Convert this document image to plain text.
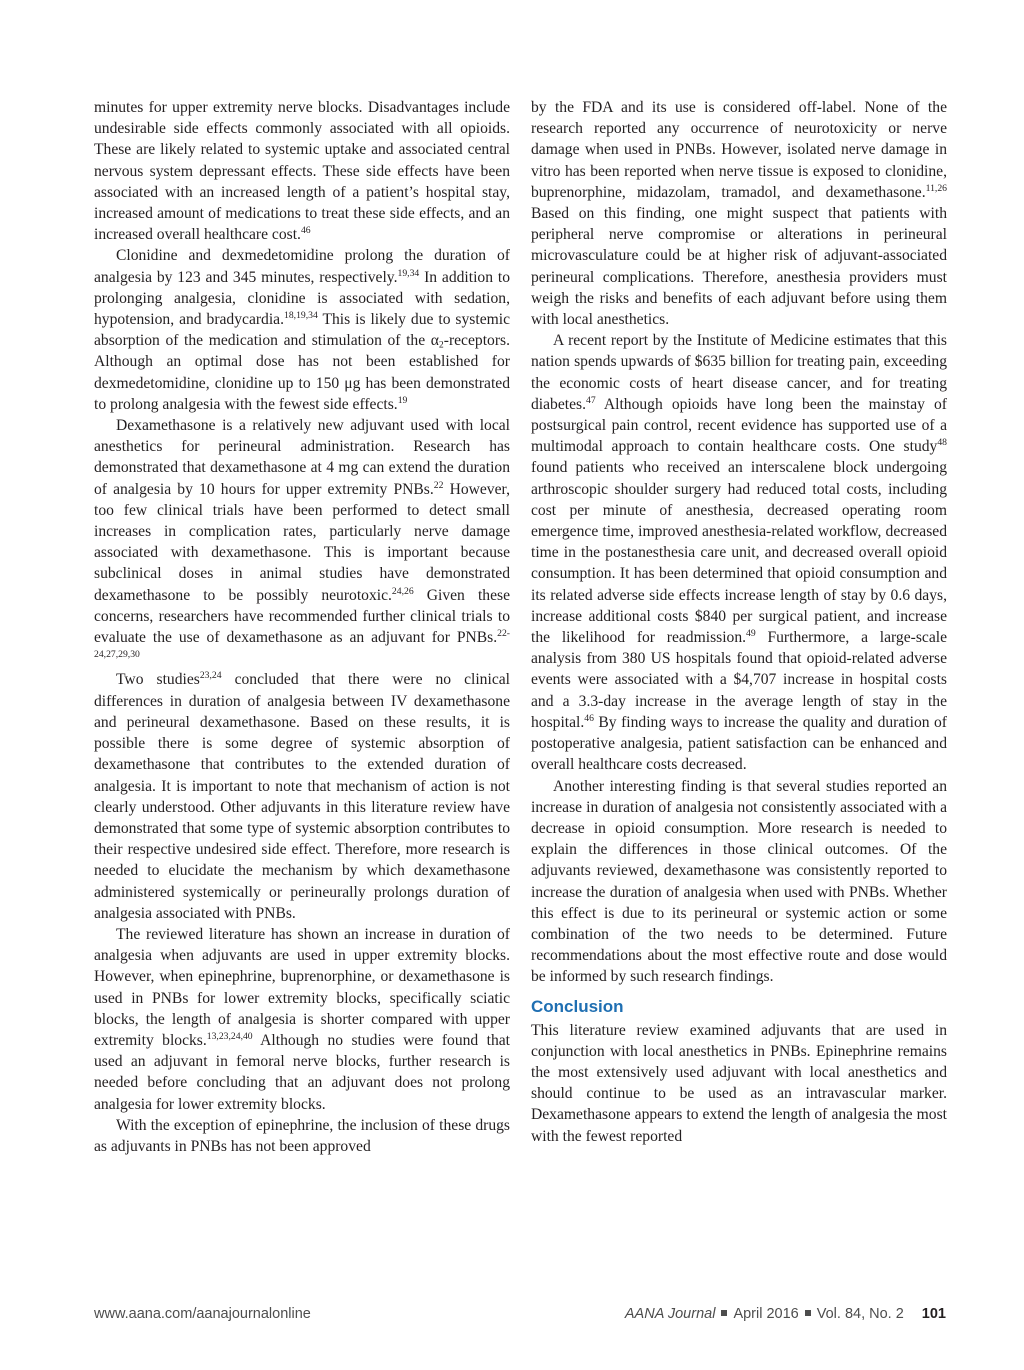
minutes for upper extremity nerve blocks. Disadvantages include undesirable side effects commonly associated with all opioids. These are likely related to systemic uptake and associated central nervous system depressant effects. These side effects have been associated with an increased length of a patient’s hospital stay, increased amount of medications to treat these side effects, and an increased overall healthcare cost.$^{46}$

Clonidine and dexmedetomidine prolong the duration of analgesia by 123 and 345 minutes, respectively.$^{19,34}$ In addition to prolonging analgesia, clonidine is associated with sedation, hypotension, and bradycardia.$^{18,19,34}$ This is likely due to systemic absorption of the medication and stimulation of the $\alpha_2$-receptors. Although an optimal dose has not been established for dexmedetomidine, clonidine up to 150 μg has been demonstrated to prolong analgesia with the fewest side effects.$^{19}$

Dexamethasone is a relatively new adjuvant used with local anesthetics for perineural administration. Research has demonstrated that dexamethasone at 4 mg can extend the duration of analgesia by 10 hours for upper extremity PNBs.$^{22}$ However, too few clinical trials have been performed to detect small increases in complication rates, particularly nerve damage associated with dexamethasone. This is important because subclinical doses in animal studies have demonstrated dexamethasone to be possibly neurotoxic.$^{24,26}$ Given these concerns, researchers have recommended further clinical trials to evaluate the use of dexamethasone as an adjuvant for PNBs.$^{22-24,27,29,30}$

Two studies$^{23,24}$ concluded that there were no clinical differences in duration of analgesia between IV dexamethasone and perineural dexamethasone. Based on these results, it is possible there is some degree of systemic absorption of dexamethasone that contributes to the extended duration of analgesia. It is important to note that mechanism of action is not clearly understood. Other adjuvants in this literature review have demonstrated that some type of systemic absorption contributes to their respective undesired side effect. Therefore, more research is needed to elucidate the mechanism by which dexamethasone administered systemically or perineurally prolongs duration of analgesia associated with PNBs.

The reviewed literature has shown an increase in duration of analgesia when adjuvants are used in upper extremity blocks. However, when epinephrine, buprenorphine, or dexamethasone is used in PNBs for lower extremity blocks, specifically sciatic blocks, the length of analgesia is shorter compared with upper extremity blocks.$^{13,23,24,40}$ Although no studies were found that used an adjuvant in femoral nerve blocks, further research is needed before concluding that an adjuvant does not prolong analgesia for lower extremity blocks.

With the exception of epinephrine, the inclusion of these drugs as adjuvants in PNBs has not been approved

by the FDA and its use is considered off-label. None of the research reported any occurrence of neurotoxicity or nerve damage when used in PNBs. However, isolated nerve damage in vitro has been reported when nerve tissue is exposed to clonidine, buprenorphine, midazolam, tramadol, and dexamethasone.$^{11,26}$ Based on this finding, one might suspect that patients with peripheral nerve compromise or alterations in perineural microvasculature could be at higher risk of adjuvant-associated perineural complications. Therefore, anesthesia providers must weigh the risks and benefits of each adjuvant before using them with local anesthetics.

A recent report by the Institute of Medicine estimates that this nation spends upwards of $635 billion for treating pain, exceeding the economic costs of heart disease cancer, and for treating diabetes.$^{47}$ Although opioids have long been the mainstay of postsurgical pain control, recent evidence has supported use of a multimodal approach to contain healthcare costs. One study$^{48}$ found patients who received an interscalene block undergoing arthroscopic shoulder surgery had reduced total costs, including cost per minute of anesthesia, decreased operating room emergence time, improved anesthesia-related workflow, decreased time in the postanesthesia care unit, and decreased overall opioid consumption. It has been determined that opioid consumption and its related adverse side effects increase length of stay by 0.6 days, increase additional costs $840 per surgical patient, and increase the likelihood for readmission.$^{49}$ Furthermore, a large-scale analysis from 380 US hospitals found that opioid-related adverse events were associated with a $4,707 increase in hospital costs and a 3.3-day increase in the average length of stay in the hospital.$^{46}$ By finding ways to increase the quality and duration of postoperative analgesia, patient satisfaction can be enhanced and overall healthcare costs decreased.

Another interesting finding is that several studies reported an increase in duration of analgesia not consistently associated with a decrease in opioid consumption. More research is needed to explain the differences in those clinical outcomes. Of the adjuvants reviewed, dexamethasone was consistently reported to increase the duration of analgesia when used with PNBs. Whether this effect is due to its perineural or systemic action or some combination of the two needs to be determined. Future recommendations about the most effective route and dose would be informed by such research findings.

Conclusion

This literature review examined adjuvants that are used in conjunction with local anesthetics in PNBs. Epinephrine remains the most extensively used adjuvant with local anesthetics and should continue to be used as an intravascular marker. Dexamethasone appears to extend the length of analgesia the most with the fewest reported

www.aana.com/aanajournalonline	AANA Journal April 2016 Vol. 84, No. 2 101
